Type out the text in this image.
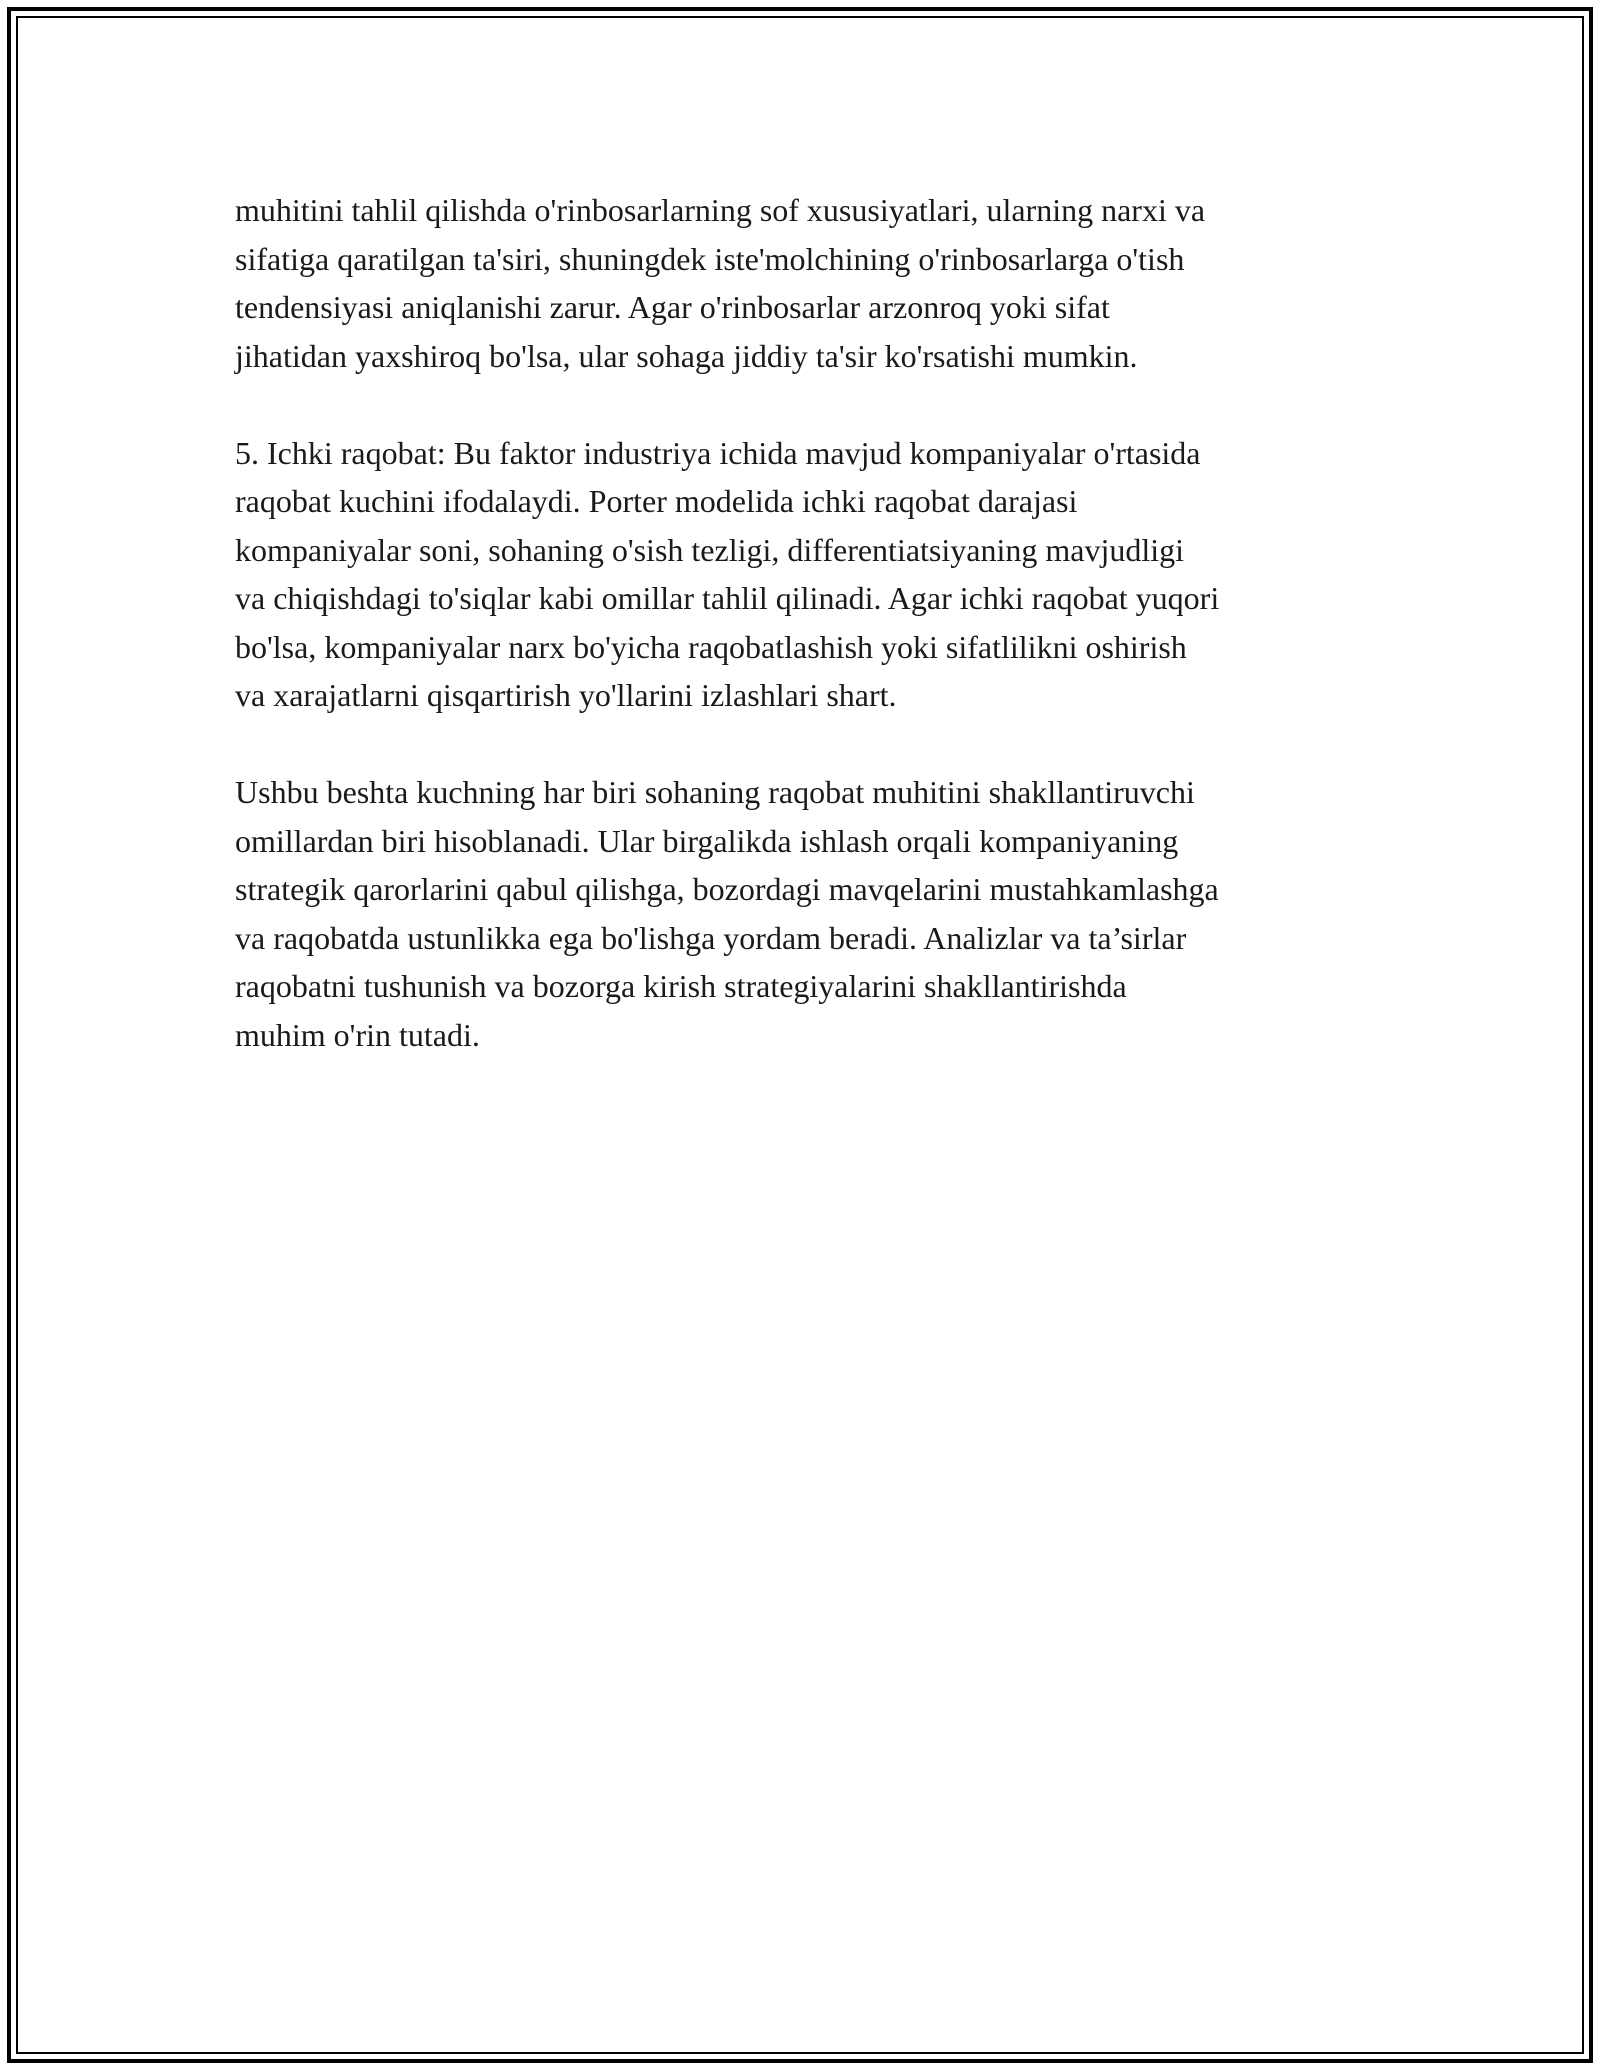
muhitini tahlil qilishda o'rinbosarlarning sof xususiyatlari, ularning narxi va
sifatiga qaratilgan ta'siri, shuningdek iste'molchining o'rinbosarlarga o'tish
tendensiyasi aniqlanishi zarur. Agar o'rinbosarlar arzonroq yoki sifat
jihatidan yaxshiroq bo'lsa, ular sohaga jiddiy ta'sir ko'rsatishi mumkin.

5. Ichki raqobat: Bu faktor industriya ichida mavjud kompaniyalar o'rtasida
raqobat kuchini ifodalaydi. Porter modelida ichki raqobat darajasi
kompaniyalar soni, sohaning o'sish tezligi, differentiatsiyaning mavjudligi
va chiqishdagi to'siqlar kabi omillar tahlil qilinadi. Agar ichki raqobat yuqori
bo'lsa, kompaniyalar narx bo'yicha raqobatlashish yoki sifatlilikni oshirish
va xarajatlarni qisqartirish yo'llarini izlashlari shart.

Ushbu beshta kuchning har biri sohaning raqobat muhitini shakllantiruvchi
omillardan biri hisoblanadi. Ular birgalikda ishlash orqali kompaniyaning
strategik qarorlarini qabul qilishga, bozordagi mavqelarini mustahkamlashga
va raqobatda ustunlikka ega bo'lishga yordam beradi. Analizlar va ta’sirlar
raqobatni tushunish va bozorga kirish strategiyalarini shakllantirishda
muhim o'rin tutadi.
